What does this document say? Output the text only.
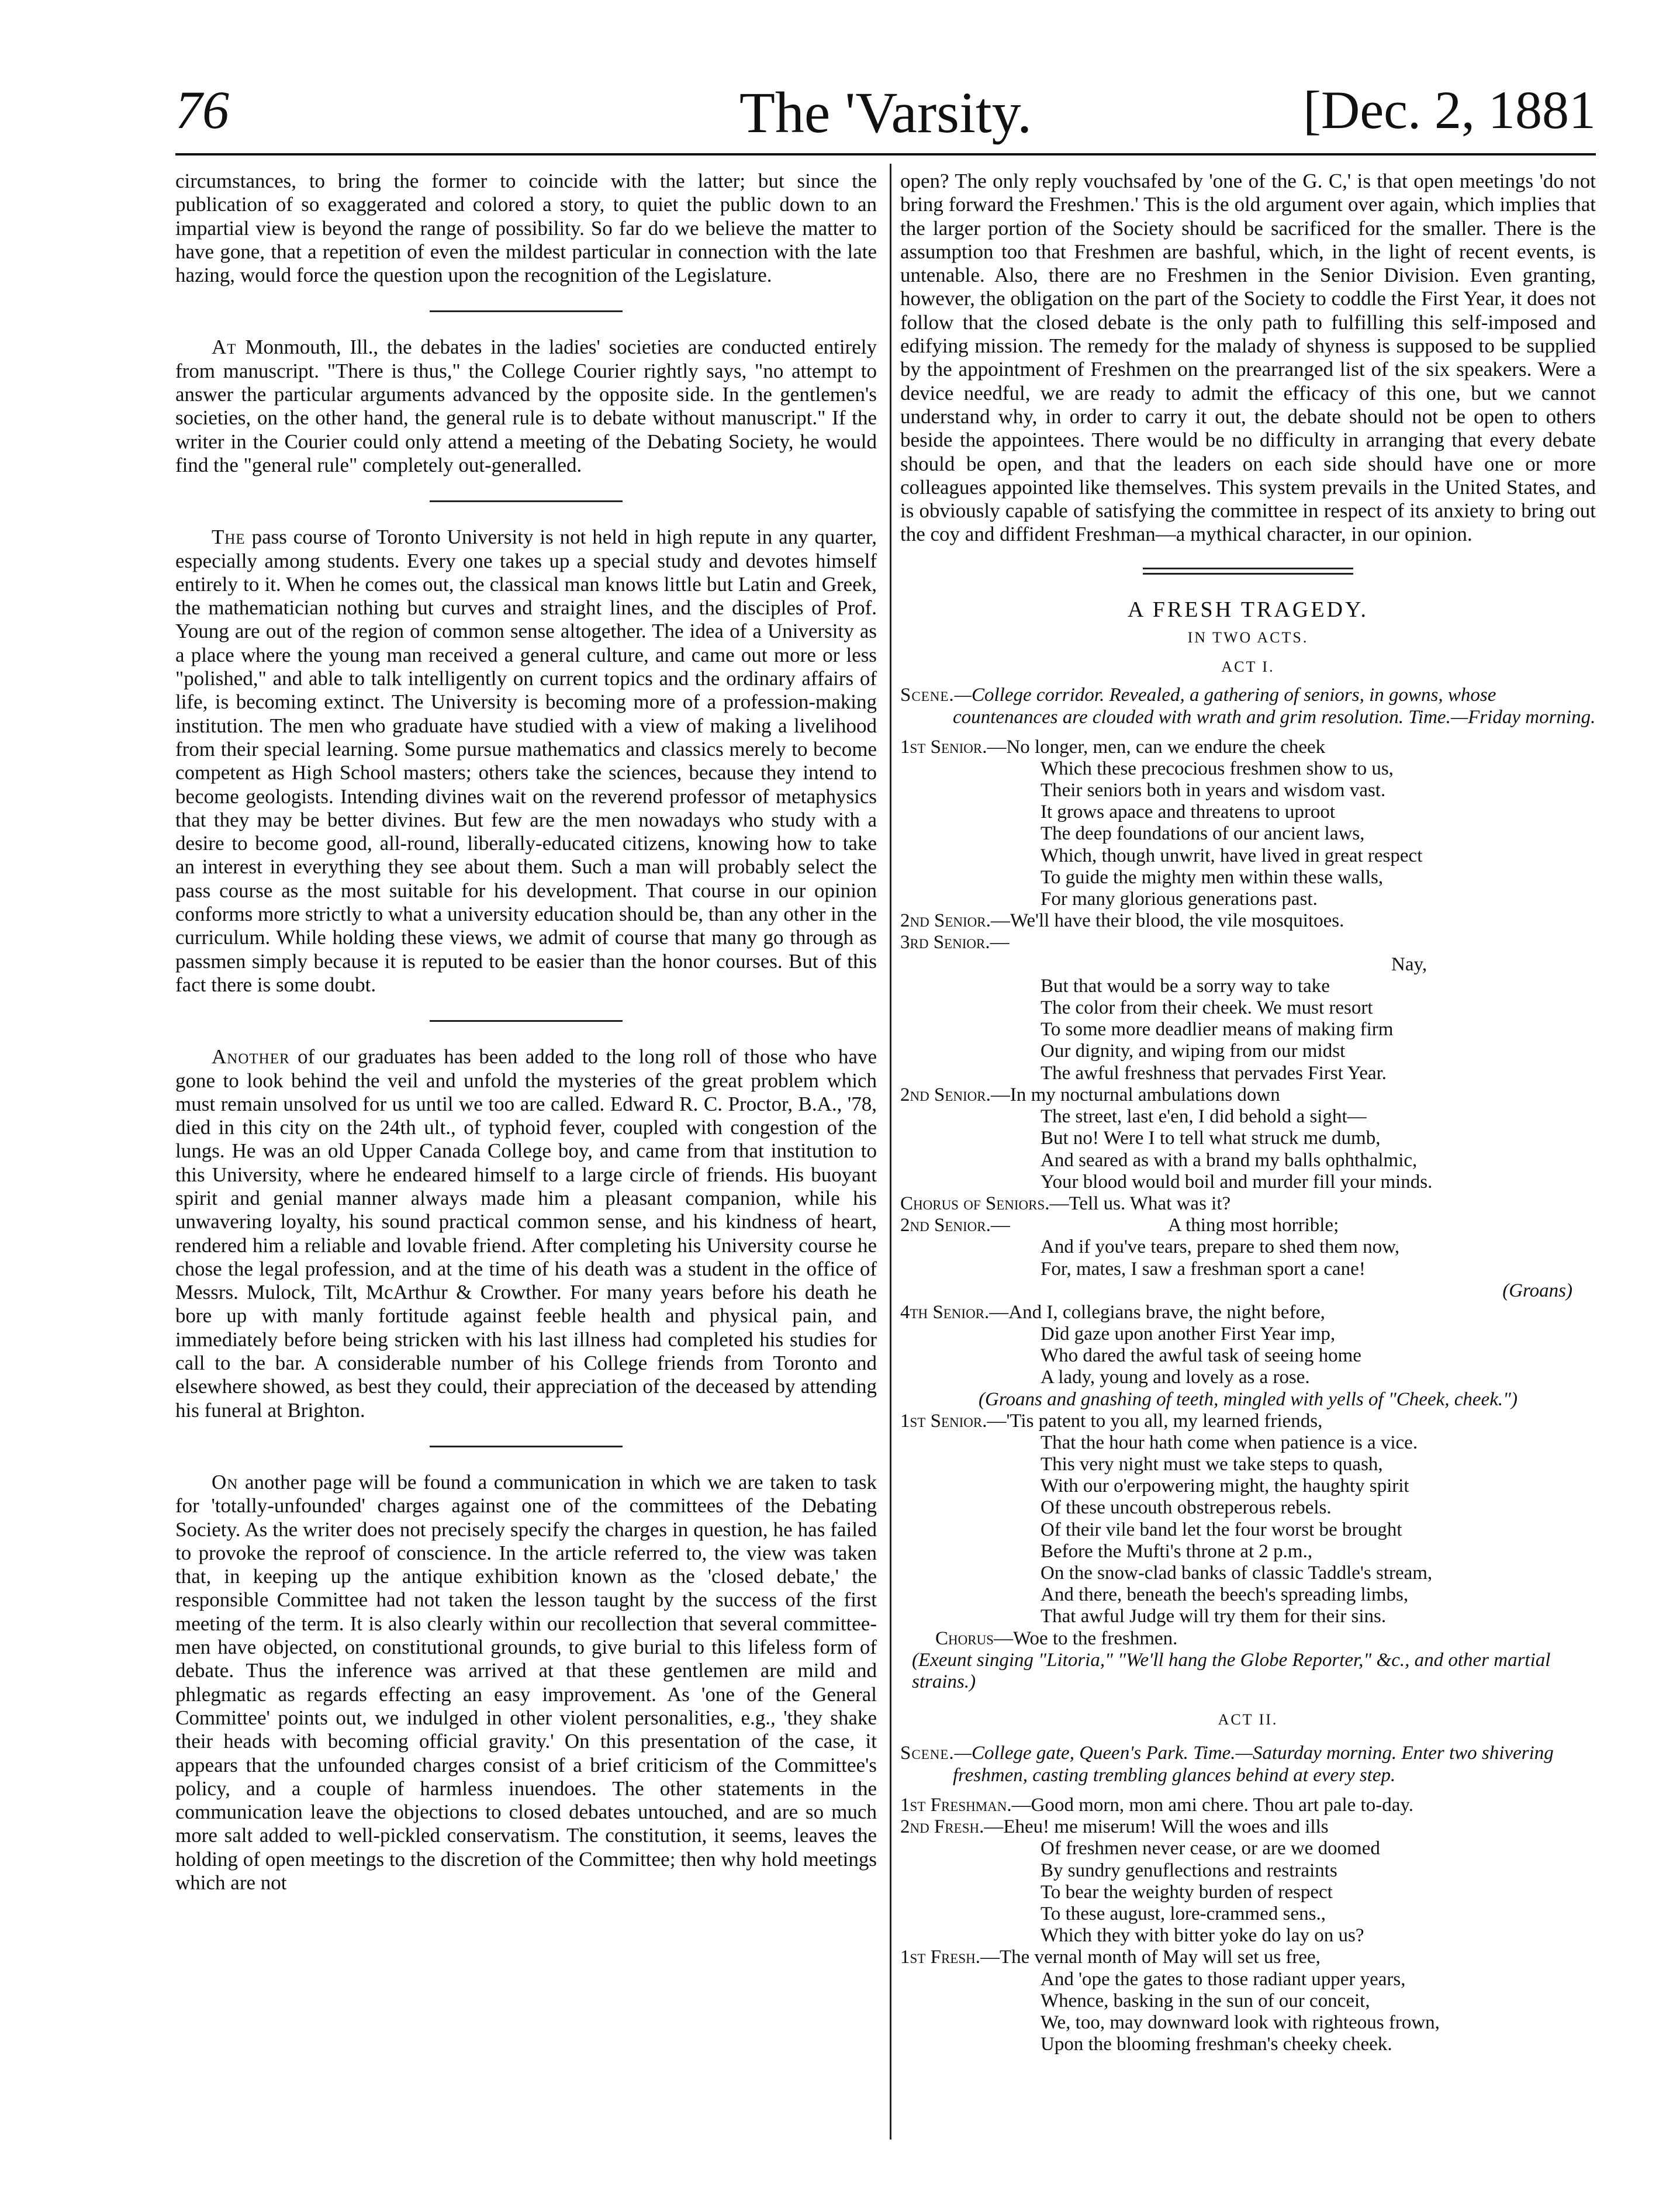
76	The 'Varsity.	[Dec. 2, 1881

circumstances, to bring the former to coincide with the latter; but since the publication of so exaggerated and colored a story, to quiet the public down to an impartial view is beyond the range of possibility. So far do we believe the matter to have gone, that a repetition of even the mildest particular in connection with the late hazing, would force the question upon the recognition of the Legislature.

At Monmouth, Ill., the debates in the ladies' societies are conducted entirely from manuscript. "There is thus," the College Courier rightly says, "no attempt to answer the particular arguments advanced by the opposite side. In the gentlemen's societies, on the other hand, the general rule is to debate without manuscript." If the writer in the Courier could only attend a meeting of the Debating Society, he would find the "general rule" completely out-generalled.

The pass course of Toronto University is not held in high repute in any quarter, especially among students. Every one takes up a special study and devotes himself entirely to it. When he comes out, the classical man knows little but Latin and Greek, the mathematician nothing but curves and straight lines, and the disciples of Prof. Young are out of the region of common sense altogether. The idea of a University as a place where the young man received a general culture, and came out more or less "polished," and able to talk intelligently on current topics and the ordinary affairs of life, is becoming extinct. The University is becoming more of a profession-making institution. The men who graduate have studied with a view of making a livelihood from their special learning. Some pursue mathematics and classics merely to become competent as High School masters; others take the sciences, because they intend to become geologists. Intending divines wait on the reverend professor of metaphysics that they may be better divines. But few are the men nowadays who study with a desire to become good, all-round, liberally-educated citizens, knowing how to take an interest in everything they see about them. Such a man will probably select the pass course as the most suitable for his development. That course in our opinion conforms more strictly to what a university education should be, than any other in the curriculum. While holding these views, we admit of course that many go through as passmen simply because it is reputed to be easier than the honor courses. But of this fact there is some doubt.

Another of our graduates has been added to the long roll of those who have gone to look behind the veil and unfold the mysteries of the great problem which must remain unsolved for us until we too are called. Edward R. C. Proctor, B.A., '78, died in this city on the 24th ult., of typhoid fever, coupled with congestion of the lungs. He was an old Upper Canada College boy, and came from that institution to this University, where he endeared himself to a large circle of friends. His buoyant spirit and genial manner always made him a pleasant companion, while his unwavering loyalty, his sound practical common sense, and his kindness of heart, rendered him a reliable and lovable friend. After completing his University course he chose the legal profession, and at the time of his death was a student in the office of Messrs. Mulock, Tilt, McArthur & Crowther. For many years before his death he bore up with manly fortitude against feeble health and physical pain, and immediately before being stricken with his last illness had completed his studies for call to the bar. A considerable number of his College friends from Toronto and elsewhere showed, as best they could, their appreciation of the deceased by attending his funeral at Brighton.

On another page will be found a communication in which we are taken to task for 'totally-unfounded' charges against one of the committees of the Debating Society. As the writer does not precisely specify the charges in question, he has failed to provoke the reproof of conscience. In the article referred to, the view was taken that, in keeping up the antique exhibition known as the 'closed debate,' the responsible Committee had not taken the lesson taught by the success of the first meeting of the term. It is also clearly within our recollection that several committee-men have objected, on constitutional grounds, to give burial to this lifeless form of debate. Thus the inference was arrived at that these gentlemen are mild and phlegmatic as regards effecting an easy improvement. As 'one of the General Committee' points out, we indulged in other violent personalities, e.g., 'they shake their heads with becoming official gravity.' On this presentation of the case, it appears that the unfounded charges consist of a brief criticism of the Committee's policy, and a couple of harmless inuendoes. The other statements in the communication leave the objections to closed debates untouched, and are so much more salt added to well-pickled conservatism. The constitution, it seems, leaves the holding of open meetings to the discretion of the Committee; then why hold meetings which are not

open? The only reply vouchsafed by 'one of the G. C,' is that open meetings 'do not bring forward the Freshmen.' This is the old argument over again, which implies that the larger portion of the Society should be sacrificed for the smaller. There is the assumption too that Freshmen are bashful, which, in the light of recent events, is untenable. Also, there are no Freshmen in the Senior Division. Even granting, however, the obligation on the part of the Society to coddle the First Year, it does not follow that the closed debate is the only path to fulfilling this self-imposed and edifying mission. The remedy for the malady of shyness is supposed to be supplied by the appointment of Freshmen on the prearranged list of the six speakers. Were a device needful, we are ready to admit the efficacy of this one, but we cannot understand why, in order to carry it out, the debate should not be open to others beside the appointees. There would be no difficulty in arranging that every debate should be open, and that the leaders on each side should have one or more colleagues appointed like themselves. This system prevails in the United States, and is obviously capable of satisfying the committee in respect of its anxiety to bring out the coy and diffident Freshman—a mythical character, in our opinion.

A FRESH TRAGEDY.
IN TWO ACTS.
ACT I.
Scene.—College corridor. Revealed, a gathering of seniors, in gowns, whose countenances are clouded with wrath and grim resolution. Time.—Friday morning.
1st Senior.—No longer, men, can we endure the cheek
Which these precocious freshmen show to us,
Their seniors both in years and wisdom vast.
It grows apace and threatens to uproot
The deep foundations of our ancient laws,
Which, though unwrit, have lived in great respect
To guide the mighty men within these walls,
For many glorious generations past.
2nd Senior.—We'll have their blood, the vile mosquitoes.
3rd Senior.—
Nay,
But that would be a sorry way to take
The color from their cheek. We must resort
To some more deadlier means of making firm
Our dignity, and wiping from our midst
The awful freshness that pervades First Year.
2nd Senior.—In my nocturnal ambulations down
The street, last e'en, I did behold a sight—
But no! Were I to tell what struck me dumb,
And seared as with a brand my balls ophthalmic,
Your blood would boil and murder fill your minds.
Chorus of Seniors.—Tell us. What was it?
2nd Senior.—	A thing most horrible;
And if you've tears, prepare to shed them now,
For, mates, I saw a freshman sport a cane!
(Groans)
4th Senior.—And I, collegians brave, the night before,
Did gaze upon another First Year imp,
Who dared the awful task of seeing home
A lady, young and lovely as a rose.
(Groans and gnashing of teeth, mingled with yells of "Cheek, cheek.")
1st Senior.—'Tis patent to you all, my learned friends,
That the hour hath come when patience is a vice.
This very night must we take steps to quash,
With our o'erpowering might, the haughty spirit
Of these uncouth obstreperous rebels.
Of their vile band let the four worst be brought
Before the Mufti's throne at 2 p.m.,
On the snow-clad banks of classic Taddle's stream,
And there, beneath the beech's spreading limbs,
That awful Judge will try them for their sins.
Chorus—Woe to the freshmen.
(Exeunt singing "Litoria," "We'll hang the Globe Reporter," &c., and other martial strains.)
ACT II.
Scene.—College gate, Queen's Park. Time.—Saturday morning. Enter two shivering freshmen, casting trembling glances behind at every step.
1st Freshman.—Good morn, mon ami chere. Thou art pale to-day.
2nd Fresh.—Eheu! me miserum! Will the woes and ills
Of freshmen never cease, or are we doomed
By sundry genuflections and restraints
To bear the weighty burden of respect
To these august, lore-crammed sens.,
Which they with bitter yoke do lay on us?
1st Fresh.—The vernal month of May will set us free,
And 'ope the gates to those radiant upper years,
Whence, basking in the sun of our conceit,
We, too, may downward look with righteous frown,
Upon the blooming freshman's cheeky cheek.
